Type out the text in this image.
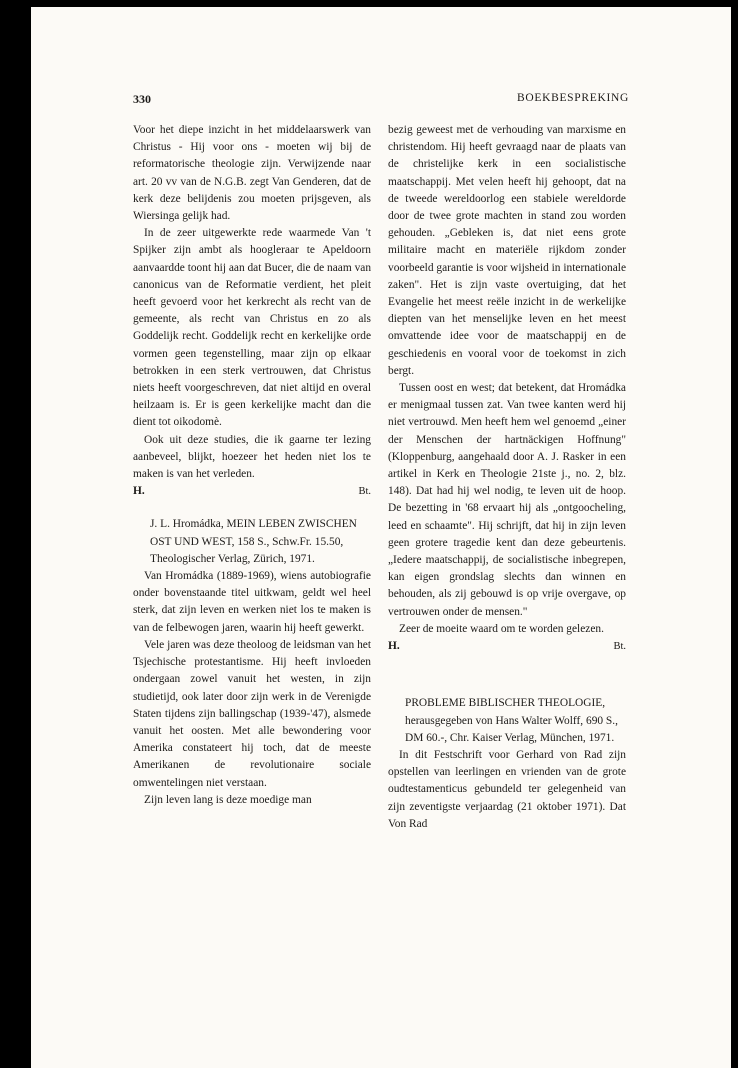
330	BOEKBESPREKING

Voor het diepe inzicht in het middelaarswerk van Christus - Hij voor ons - moeten wij bij de reformatorische theologie zijn. Verwijzende naar art. 20 vv van de N.G.B. zegt Van Genderen, dat de kerk deze belijdenis zou moeten prijsgeven, als Wiersinga gelijk had.

In de zeer uitgewerkte rede waarmede Van 't Spijker zijn ambt als hoogleraar te Apeldoorn aanvaardde toont hij aan dat Bucer, die de naam van canonicus van de Reformatie verdient, het pleit heeft gevoerd voor het kerkrecht als recht van de gemeente, als recht van Christus en zo als Goddelijk recht. Goddelijk recht en kerkelijke orde vormen geen tegenstelling, maar zijn op elkaar betrokken in een sterk vertrouwen, dat Christus niets heeft voorgeschreven, dat niet altijd en overal heilzaam is. Er is geen kerkelijke macht dan die dient tot oikodomè.

Ook uit deze studies, die ik gaarne ter lezing aanbeveel, blijkt, hoezeer het heden niet los te maken is van het verleden.

H.	Bt.

J. L. Hromádka, MEIN LEBEN ZWISCHEN OST UND WEST, 158 S., Schw.Fr. 15.50, Theologischer Verlag, Zürich, 1971.

Van Hromádka (1889-1969), wiens autobiografie onder bovenstaande titel uitkwam, geldt wel heel sterk, dat zijn leven en werken niet los te maken is van de felbewogen jaren, waarin hij heeft gewerkt.

Vele jaren was deze theoloog de leidsman van het Tsjechische protestantisme. Hij heeft invloeden ondergaan zowel vanuit het westen, in zijn studietijd, ook later door zijn werk in de Verenigde Staten tijdens zijn ballingschap (1939-'47), alsmede vanuit het oosten. Met alle bewondering voor Amerika constateert hij toch, dat de meeste Amerikanen de revolutionaire sociale omwentelingen niet verstaan.

Zijn leven lang is deze moedige man

bezig geweest met de verhouding van marxisme en christendom. Hij heeft gevraagd naar de plaats van de christelijke kerk in een socialistische maatschappij. Met velen heeft hij gehoopt, dat na de tweede wereldoorlog een stabiele wereldorde door de twee grote machten in stand zou worden gehouden. „Gebleken is, dat niet eens grote militaire macht en materiële rijkdom zonder voorbeeld garantie is voor wijsheid in internationale zaken". Het is zijn vaste overtuiging, dat het Evangelie het meest reële inzicht in de werkelijke diepten van het menselijke leven en het meest omvattende idee voor de maatschappij en de geschiedenis en vooral voor de toekomst in zich bergt.

Tussen oost en west; dat betekent, dat Hromádka er menigmaal tussen zat. Van twee kanten werd hij niet vertrouwd. Men heeft hem wel genoemd „einer der Menschen der hartnäckigen Hoffnung" (Kloppenburg, aangehaald door A. J. Rasker in een artikel in Kerk en Theologie 21ste j., no. 2, blz. 148). Dat had hij wel nodig, te leven uit de hoop. De bezetting in '68 ervaart hij als „ontgoocheling, leed en schaamte". Hij schrijft, dat hij in zijn leven geen grotere tragedie kent dan deze gebeurtenis. „Iedere maatschappij, de socialistische inbegrepen, kan eigen grondslag slechts dan winnen en behouden, als zij gebouwd is op vrije overgave, op vertrouwen onder de mensen."

Zeer de moeite waard om te worden gelezen.

H.	Bt.

PROBLEME BIBLISCHER THEOLOGIE, herausgegeben von Hans Walter Wolff, 690 S., DM 60.-, Chr. Kaiser Verlag, München, 1971.

In dit Festschrift voor Gerhard von Rad zijn opstellen van leerlingen en vrienden van de grote oudtestamenticus gebundeld ter gelegenheid van zijn zeventigste verjaardag (21 oktober 1971). Dat Von Rad
